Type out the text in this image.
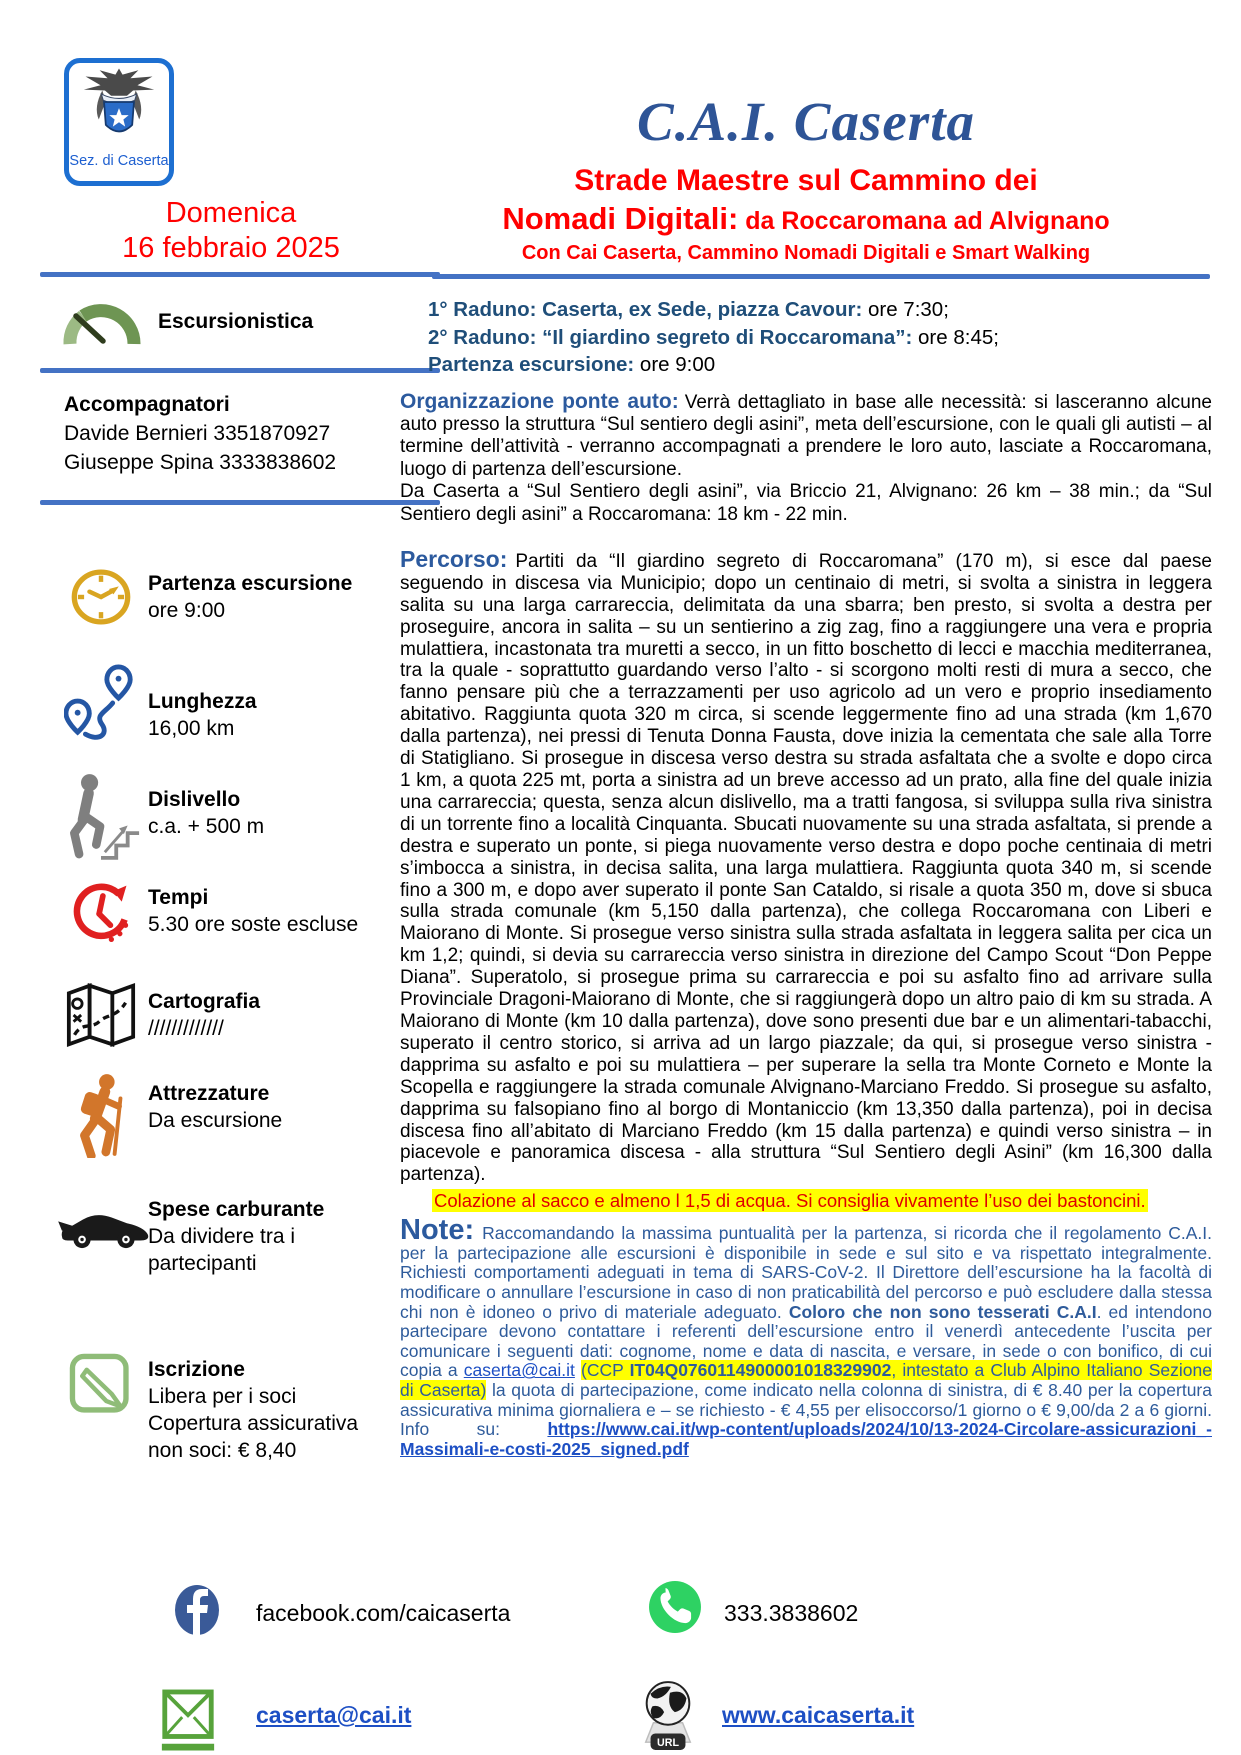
Sez. di Caserta
Domenica
16 febbraio 2025
Escursionistica
Accompagnatori
Davide Bernieri 3351870927
Giuseppe Spina 3333838602
Partenza escursione
ore 9:00
Lunghezza
16,00 km
Dislivello
c.a. + 500 m
Tempi
5.30 ore soste escluse
Cartografia
/////////////
Attrezzature
Da escursione
Spese carburante
Da dividere tra i
partecipanti
Iscrizione
Libera per i soci
Copertura assicurativa
non soci: € 8,40
C.A.I. Caserta
Strade Maestre sul Cammino dei
Nomadi Digitali: da Roccaromana ad Alvignano
Con Cai Caserta, Cammino Nomadi Digitali e Smart Walking
1° Raduno: Caserta, ex Sede, piazza Cavour: ore 7:30;
2° Raduno: “Il giardino segreto di Roccaromana”: ore 8:45;
Partenza escursione: ore 9:00

Organizzazione ponte auto: Verrà dettagliato in base alle necessità: si lasceranno alcune auto presso la struttura “Sul sentiero degli asini”, meta dell’escursione, con le quali gli autisti – al termine dell’attività - verranno accompagnati a prendere le loro auto, lasciate a Roccaromana, luogo di partenza dell’escursione.

Da Caserta a “Sul Sentiero degli asini”, via Briccio 21, Alvignano: 26 km – 38 min.; da “Sul Sentiero degli asini” a Roccaromana: 18 km - 22 min.

Percorso: Partiti da “Il giardino segreto di Roccaromana” (170 m), si esce dal paese seguendo in discesa via Municipio; dopo un centinaio di metri, si svolta a sinistra in leggera salita su una larga carrareccia, delimitata da una sbarra; ben presto, si svolta a destra per proseguire, ancora in salita – su un sentierino a zig zag, fino a raggiungere una vera e propria mulattiera, incastonata tra muretti a secco, in un fitto boschetto di lecci e macchia mediterranea, tra la quale - soprattutto guardando verso l’alto - si scorgono molti resti di mura a secco, che fanno pensare più che a terrazzamenti per uso agricolo ad un vero e proprio insediamento abitativo. Raggiunta quota 320 m circa, si scende leggermente fino ad una strada (km 1,670 dalla partenza), nei pressi di Tenuta Donna Fausta, dove inizia la cementata che sale alla Torre di Statigliano. Si prosegue in discesa verso destra su strada asfaltata che a svolte e dopo circa 1 km, a quota 225 mt, porta a sinistra ad un breve accesso ad un prato, alla fine del quale inizia una carrareccia; questa, senza alcun dislivello, ma a tratti fangosa, si sviluppa sulla riva sinistra di un torrente fino a località Cinquanta. Sbucati nuovamente su una strada asfaltata, si prende a destra e superato un ponte, si piega nuovamente verso destra e dopo poche centinaia di metri s’imbocca a sinistra, in decisa salita, una larga mulattiera. Raggiunta quota 340 m, si scende fino a 300 m, e dopo aver superato il ponte San Cataldo, si risale a quota 350 m, dove si sbuca sulla strada comunale (km 5,150 dalla partenza), che collega Roccaromana con Liberi e Maiorano di Monte. Si prosegue verso sinistra sulla strada asfaltata in leggera salita per cica un km 1,2; quindi, si devia su carrareccia verso sinistra in direzione del Campo Scout “Don Peppe Diana”. Superatolo, si prosegue prima su carrareccia e poi su asfalto fino ad arrivare sulla Provinciale Dragoni-Maiorano di Monte, che si raggiungerà dopo un altro paio di km su strada. A Maiorano di Monte (km 10 dalla partenza), dove sono presenti due bar e un alimentari-tabacchi, superato il centro storico, si arriva ad un largo piazzale; da qui, si prosegue verso sinistra - dapprima su asfalto e poi su mulattiera – per superare la sella tra Monte Corneto e Monte la Scopella e raggiungere la strada comunale Alvignano-Marciano Freddo. Si prosegue su asfalto, dapprima su falsopiano fino al borgo di Montaniccio (km 13,350 dalla partenza), poi in decisa discesa fino all’abitato di Marciano Freddo (km 15 dalla partenza) e quindi verso sinistra – in piacevole e panoramica discesa - alla struttura “Sul Sentiero degli Asini” (km 16,300 dalla partenza).

Colazione al sacco e almeno l 1,5 di acqua. Si consiglia vivamente l’uso dei bastoncini.

Note: Raccomandando la massima puntualità per la partenza, si ricorda che il regolamento C.A.I. per la partecipazione alle escursioni è disponibile in sede e sul sito e va rispettato integralmente. Richiesti comportamenti adeguati in tema di SARS-CoV-2. Il Direttore dell’escursione ha la facoltà di modificare o annullare l’escursione in caso di non praticabilità del percorso e può escludere dalla stessa chi non è idoneo o privo di materiale adeguato. Coloro che non sono tesserati C.A.I. ed intendono partecipare devono contattare i referenti dell’escursione entro il venerdì antecedente l’uscita per comunicare i seguenti dati: cognome, nome e data di nascita, e versare, in sede o con bonifico, di cui copia a caserta@cai.it (CCP IT04Q0760114900001018329902, intestato a Club Alpino Italiano Sezione di Caserta) la quota di partecipazione, come indicato nella colonna di sinistra, di € 8.40 per la copertura assicurativa minima giornaliera e – se richiesto - € 4,55 per elisoccorso/1 giorno o € 9,00/da 2 a 6 giorni. Info su: https://www.cai.it/wp-content/uploads/2024/10/13-2024-Circolare-assicurazioni_-Massimali-e-costi-2025_signed.pdf

facebook.com/caicaserta	333.3838602
caserta@cai.it
URL
www.caicaserta.it
